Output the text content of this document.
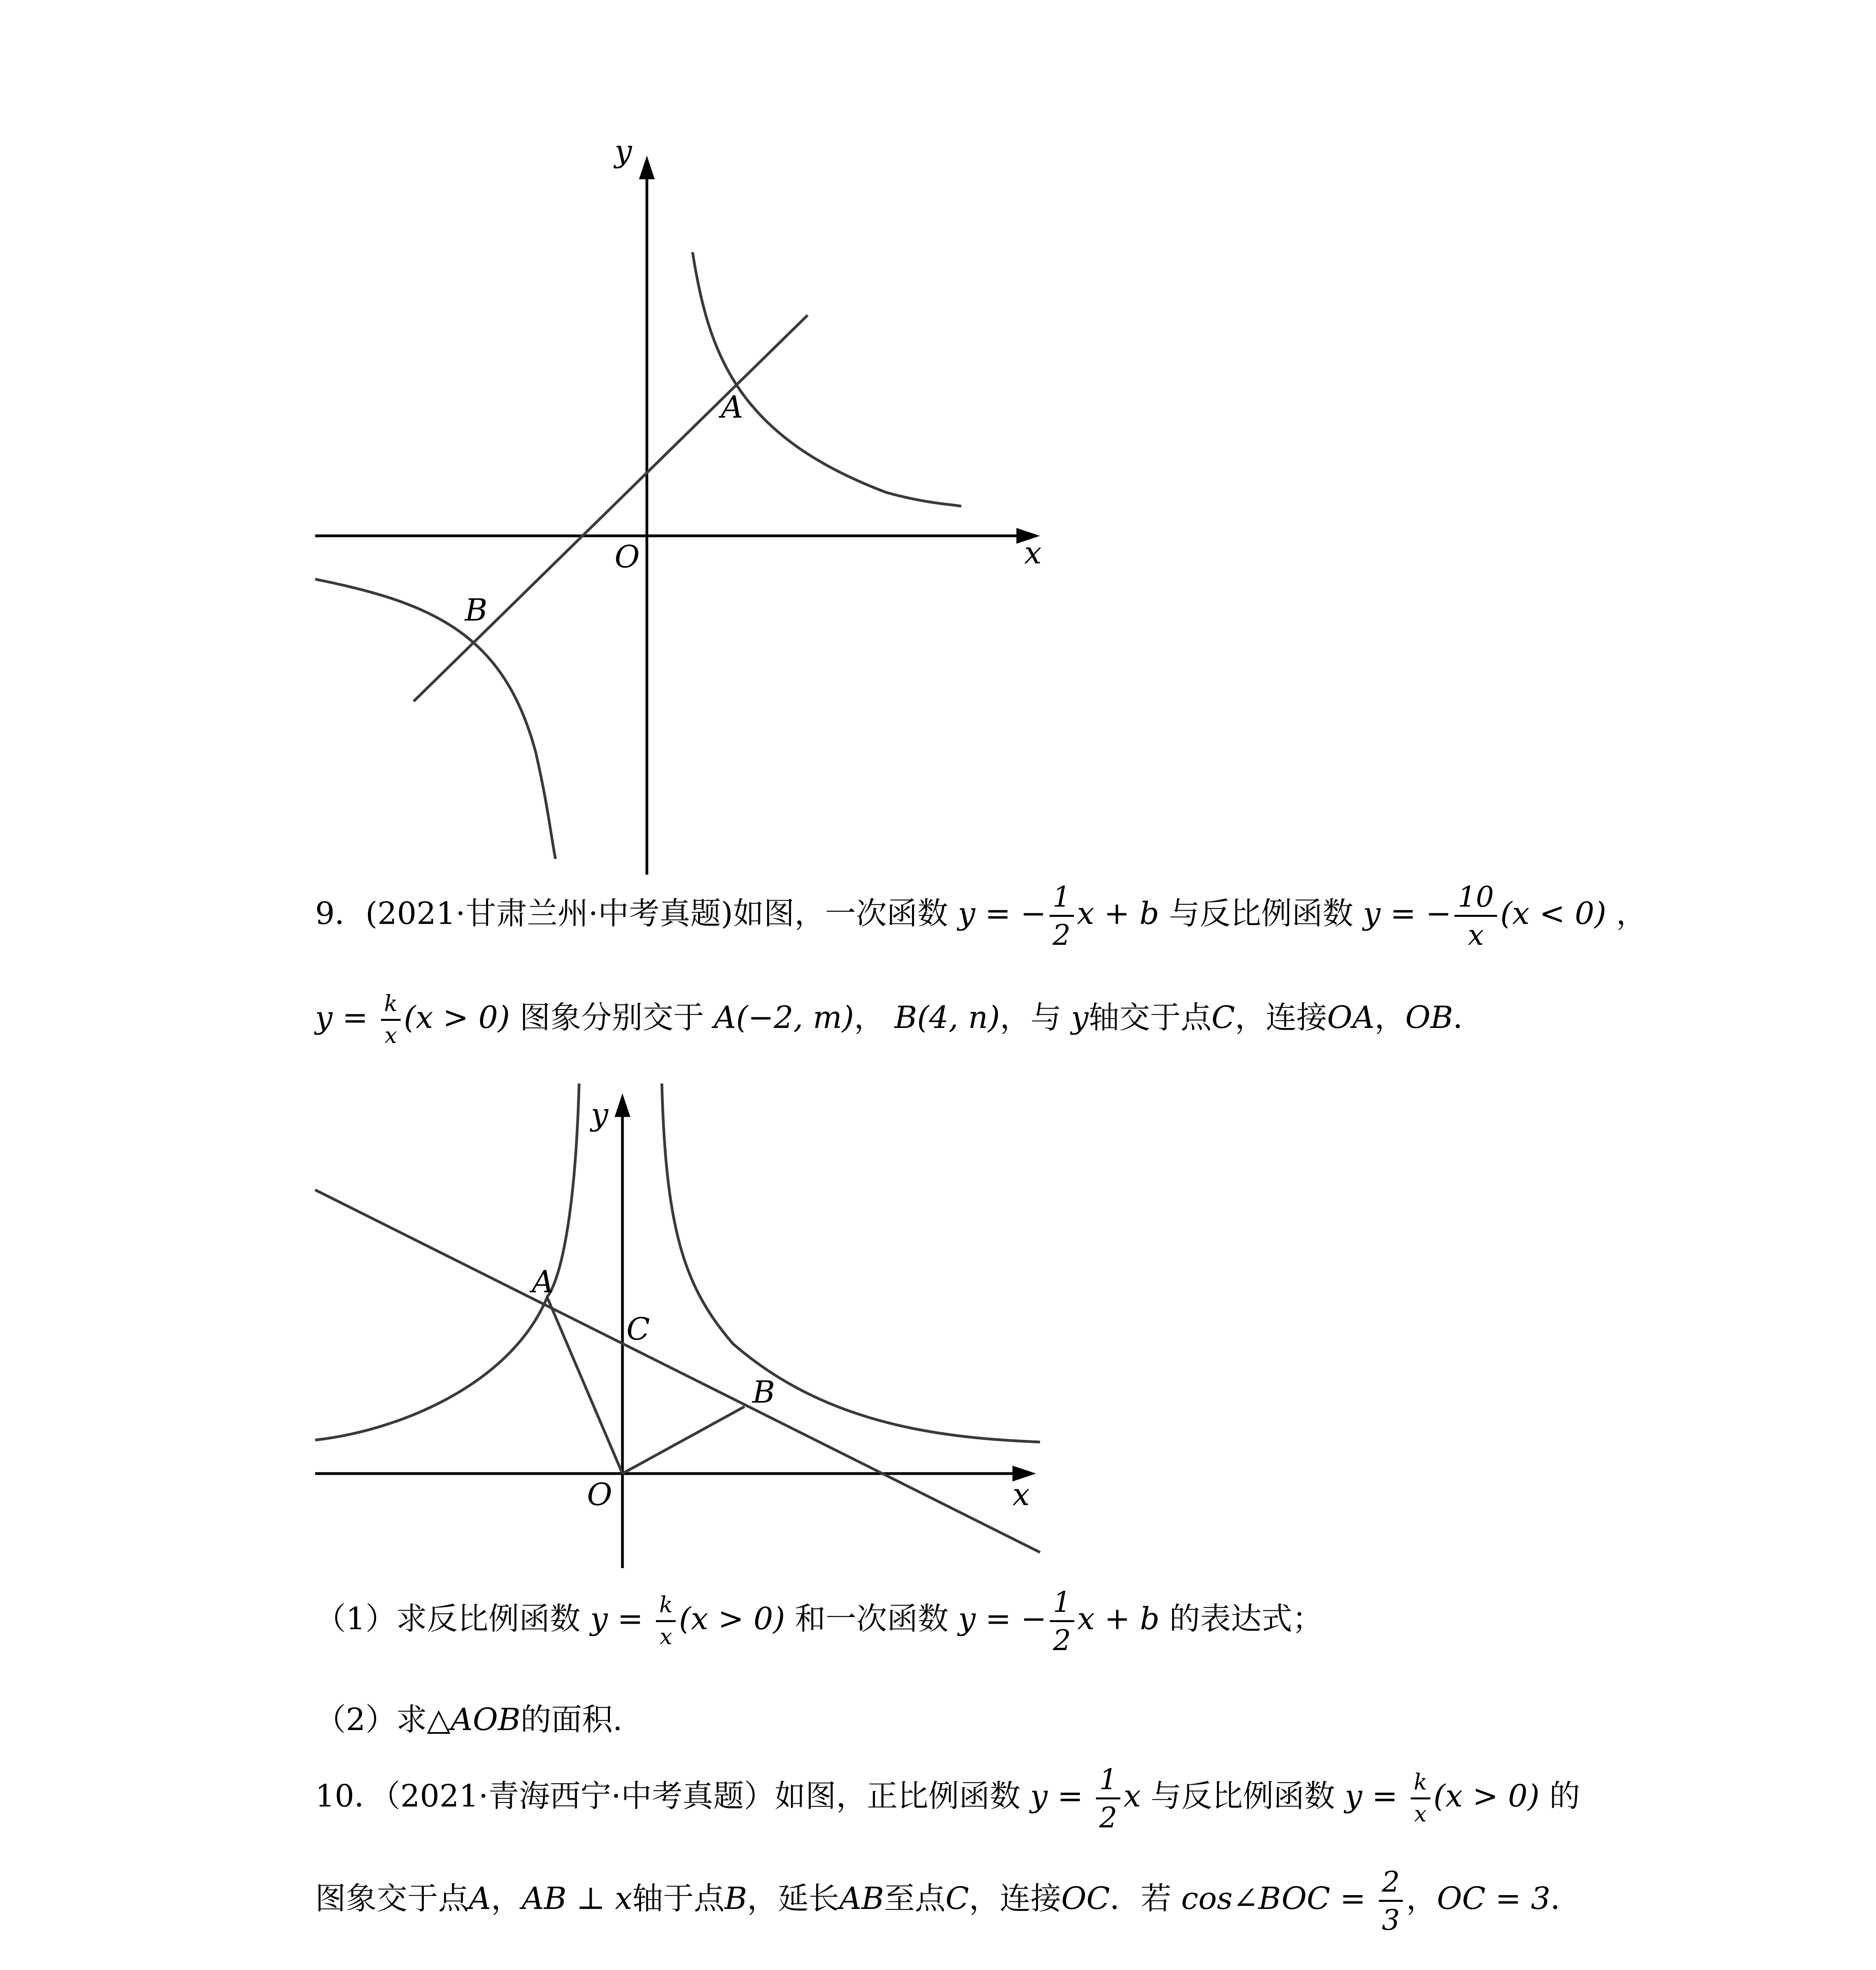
y
x
O
A
B
9．(2021·甘肃兰州·中考真题)如图，一次函数 y = − $\frac{1}{2}$ x + b 与反比例函数 y = − $\frac{10}{x} (x < 0)$ ，
$y = \frac{k}{x} (x > 0)$ 图象分别交于 A(−2, m)， B(4, n)，与 y轴交于点C，连接OA，OB．
y
x
O
A
C
B
（1）求反比例函数 $y = \frac{k}{x} (x > 0)$ 和一次函数 y = − $\frac{1}{2}$ x + b 的表达式；
（2）求△AOB的面积.
10．（2021·青海西宁·中考真题）如图，正比例函数 $y = \frac{1}{2}$ x 与反比例函数 $y = \frac{k}{x} (x > 0)$ 的
图象交于点A，AB ⊥ x轴于点B，延长AB至点C，连接OC．若 cos∠BOC = $\frac{2}{3}$ ，OC = 3．
